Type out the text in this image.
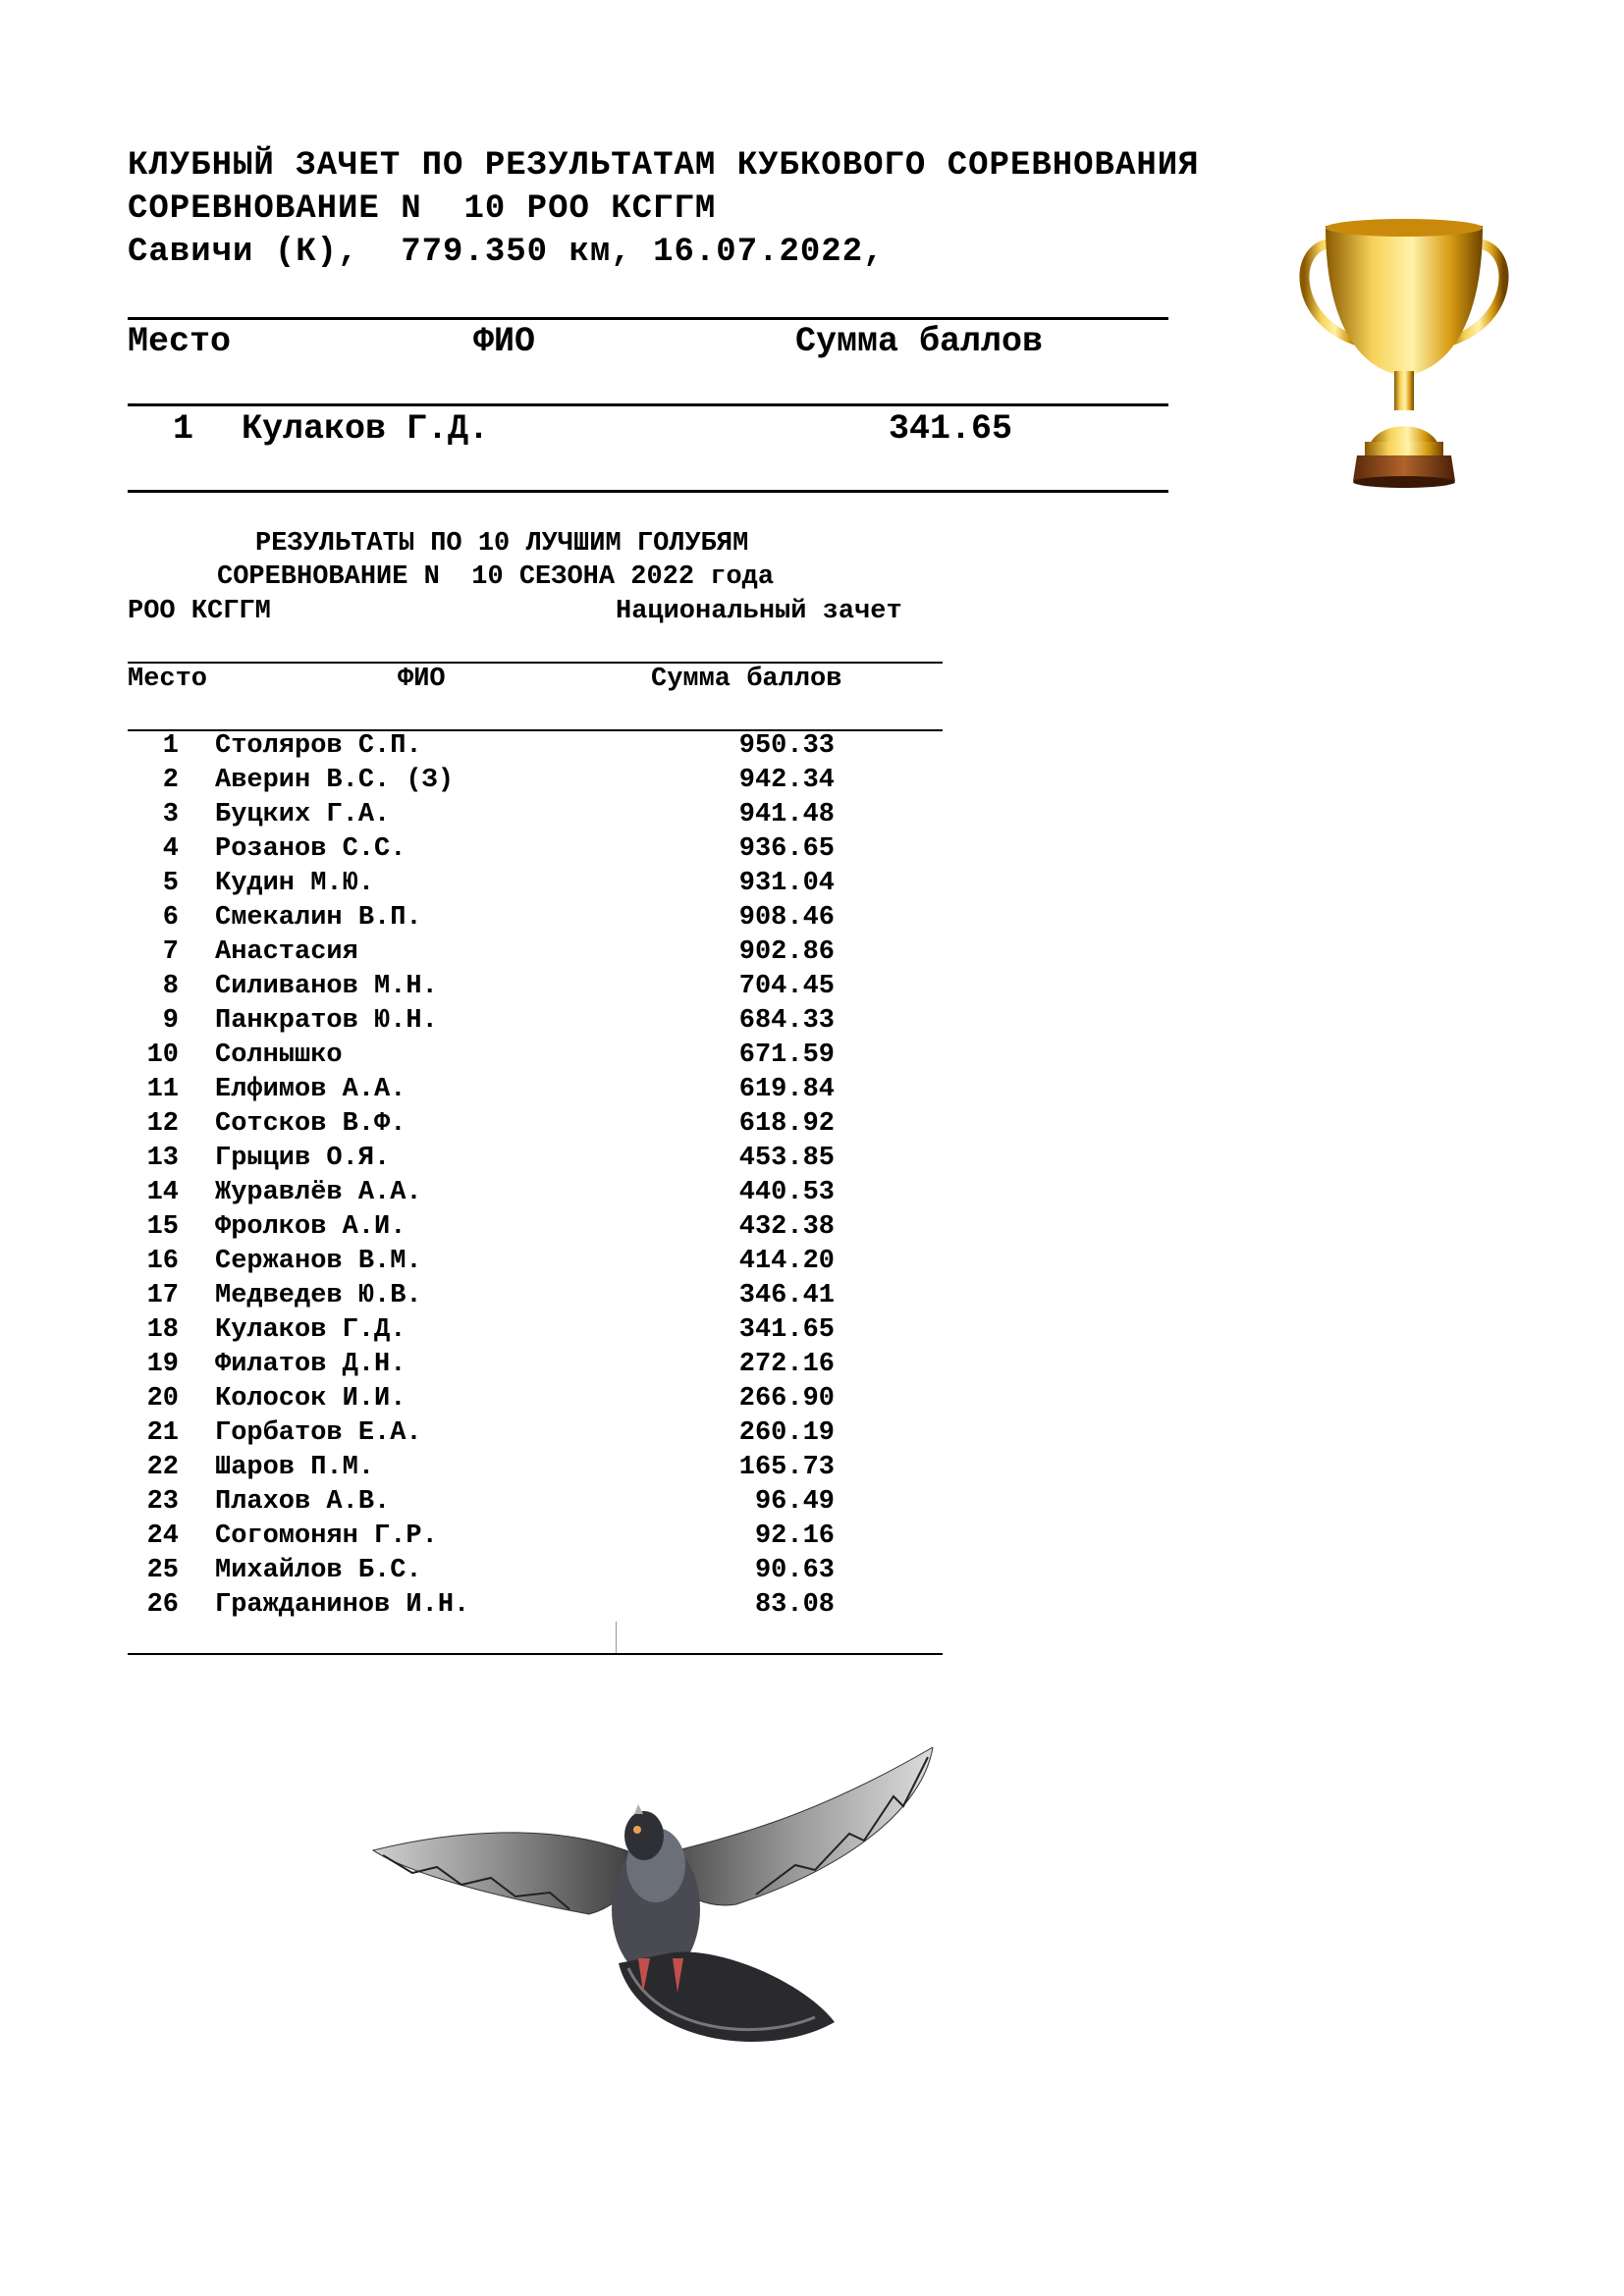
КЛУБНЫЙ ЗАЧЕТ ПО РЕЗУЛЬТАТАМ КУБКОВОГО СОРЕВНОВАНИЯ
СОРЕВНОВАНИЕ N  10 РОО КСГГМ
Савичи (К),  779.350 км, 16.07.2022,
Место	ФИО	Сумма баллов
1 Кулаков Г.Д.	341.65
РЕЗУЛЬТАТЫ ПО 10 ЛУЧШИМ ГОЛУБЯМ
СОРЕВНОВАНИЕ N  10 СЕЗОНА 2022 года
РОО КСГГМ	Национальный зачет
Место	ФИО	Сумма баллов
1 Столяров С.П.	950.33
2 Аверин В.С. (З)	942.34
3 Буцких Г.А.	941.48
4 Розанов С.С.	936.65
5 Кудин М.Ю.	931.04
6 Смекалин В.П.	908.46
7 Анастасия	902.86
8 Силиванов М.Н.	704.45
9 Панкратов Ю.Н.	684.33
10 Солнышко	671.59
11 Елфимов А.А.	619.84
12 Сотсков В.Ф.	618.92
13 Грыцив О.Я.	453.85
14 Журавлёв А.А.	440.53
15 Фролков А.И.	432.38
16 Сержанов В.М.	414.20
17 Медведев Ю.В.	346.41
18 Кулаков Г.Д.	341.65
19 Филатов Д.Н.	272.16
20 Колосок И.И.	266.90
21 Горбатов Е.А.	260.19
22 Шаров П.М.	165.73
23 Плахов А.В.	96.49
24 Согомонян Г.Р.	92.16
25 Михайлов Б.С.	90.63
26 Гражданинов И.Н.	83.08
